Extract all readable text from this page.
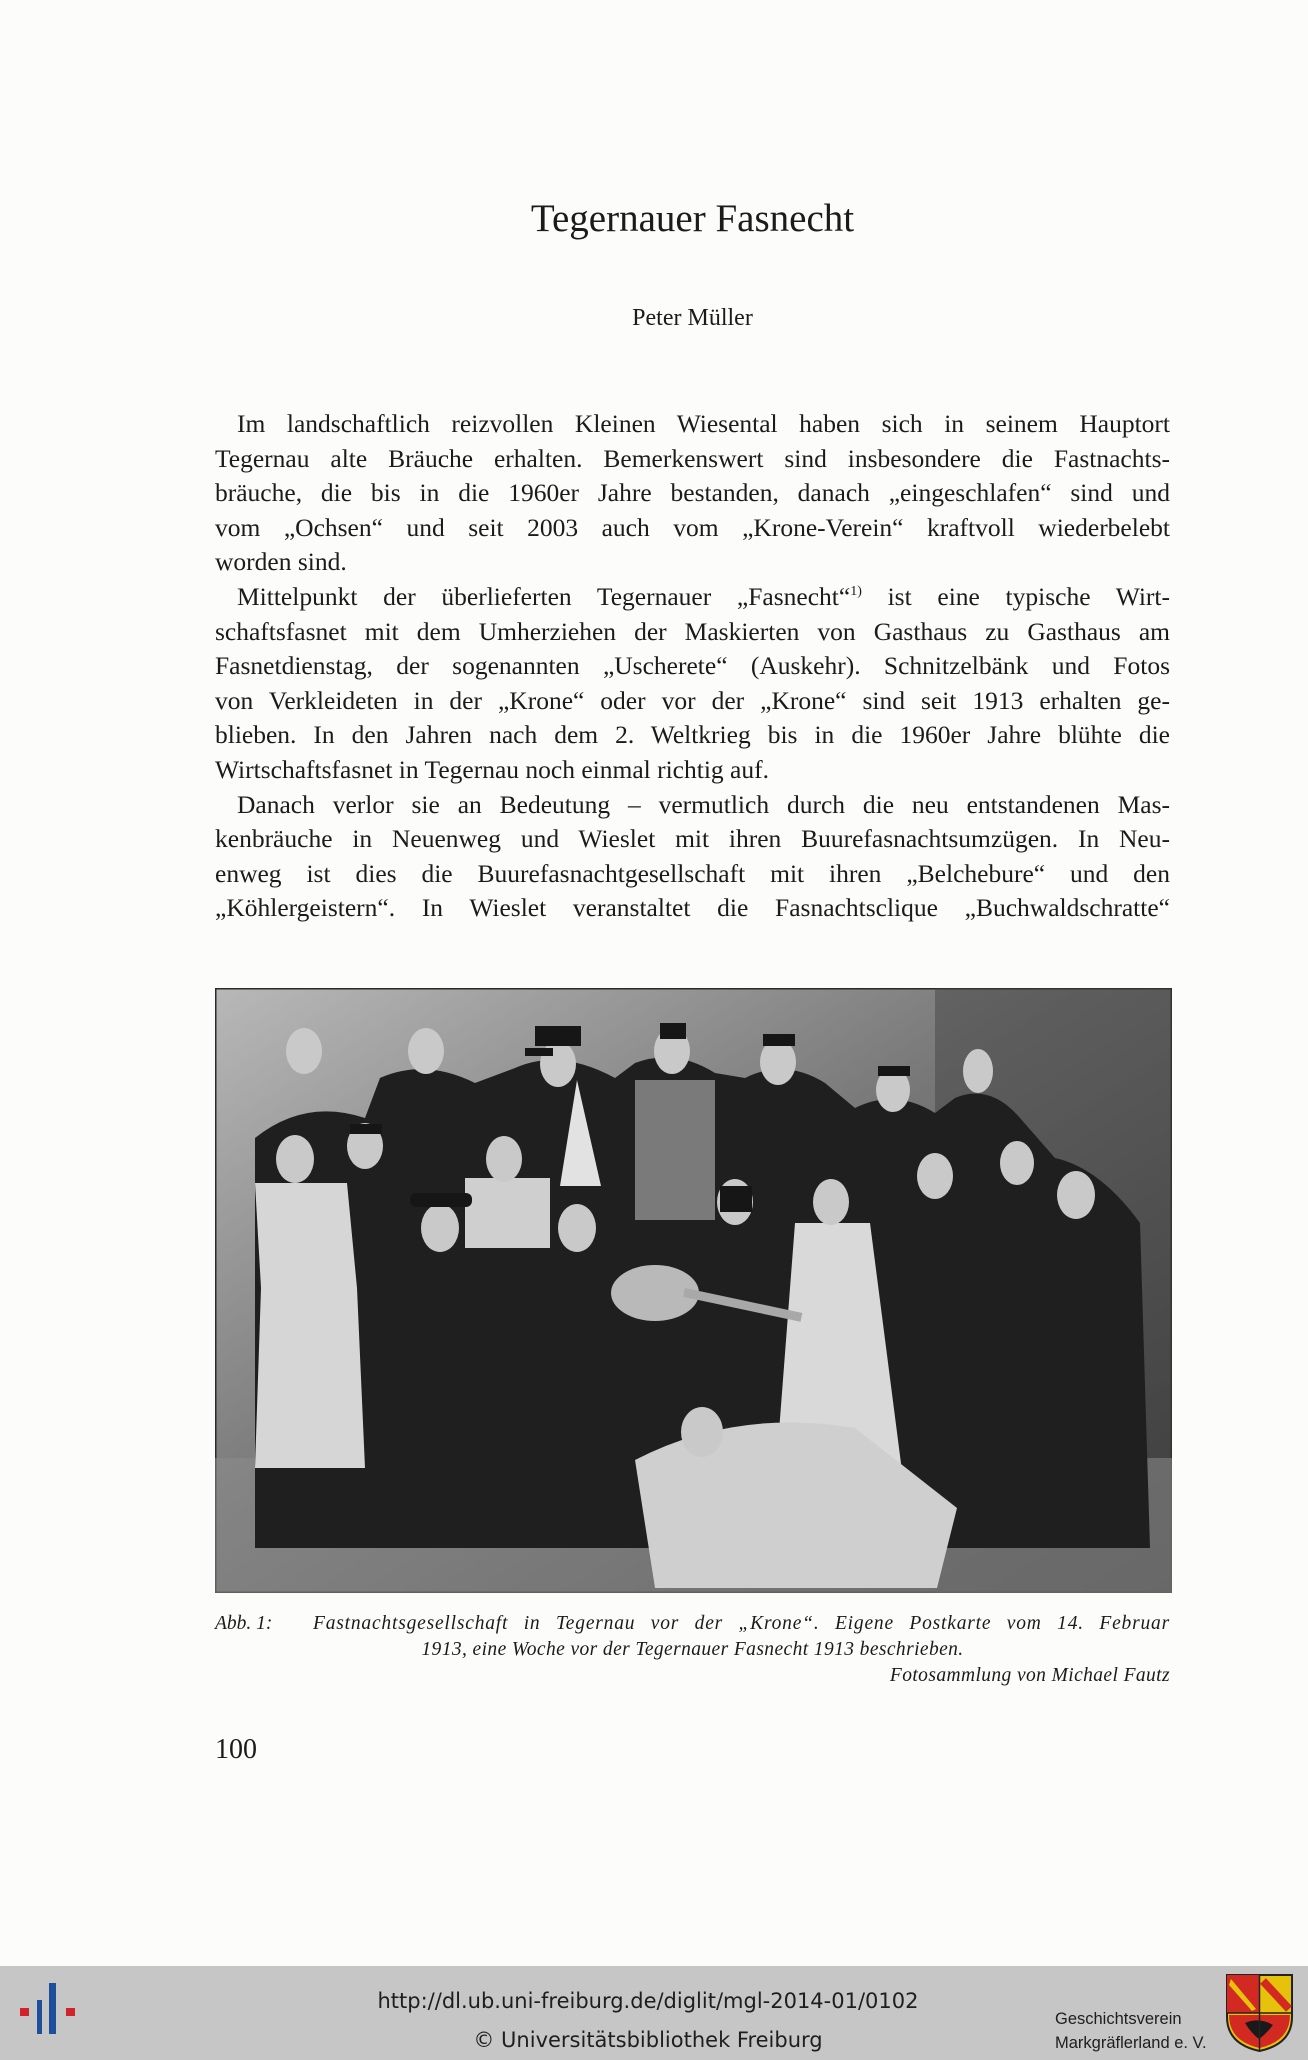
Tegernauer Fasnecht
Peter Müller
Im landschaftlich reizvollen Kleinen Wiesental haben sich in seinem Hauptort
Tegernau alte Bräuche erhalten. Bemerkenswert sind insbesondere die Fastnachts-
bräuche, die bis in die 1960er Jahre bestanden, danach „eingeschlafen“ sind und
vom „Ochsen“ und seit 2003 auch vom „Krone-Verein“ kraftvoll wiederbelebt
worden sind.
Mittelpunkt der überlieferten Tegernauer „Fasnecht“$^{1)}$ ist eine typische Wirt-
schaftsfasnet mit dem Umherziehen der Maskierten von Gasthaus zu Gasthaus am
Fasnetdienstag, der sogenannten „Uscherete“ (Auskehr). Schnitzelbänk und Fotos
von Verkleideten in der „Krone“ oder vor der „Krone“ sind seit 1913 erhalten ge-
blieben. In den Jahren nach dem 2. Weltkrieg bis in die 1960er Jahre blühte die
Wirtschaftsfasnet in Tegernau noch einmal richtig auf.
Danach verlor sie an Bedeutung – vermutlich durch die neu entstandenen Mas-
kenbräuche in Neuenweg und Wieslet mit ihren Buurefasnachtsumzügen. In Neu-
enweg ist dies die Buurefasnachtgesellschaft mit ihren „Belchebure“ und den
„Köhlergeistern“. In Wieslet veranstaltet die Fasnachtsclique „Buchwaldschratte“
Abb. 1: Fastnachtsgesellschaft in Tegernau vor der „Krone“. Eigene Postkarte vom 14. Februar
1913, eine Woche vor der Tegernauer Fasnecht 1913 beschrieben.
Fotosammlung von Michael Fautz
100
http://dl.ub.uni-freiburg.de/diglit/mgl-2014-01/0102
© Universitätsbibliothek Freiburg
Geschichtsverein
Markgräflerland e. V.
